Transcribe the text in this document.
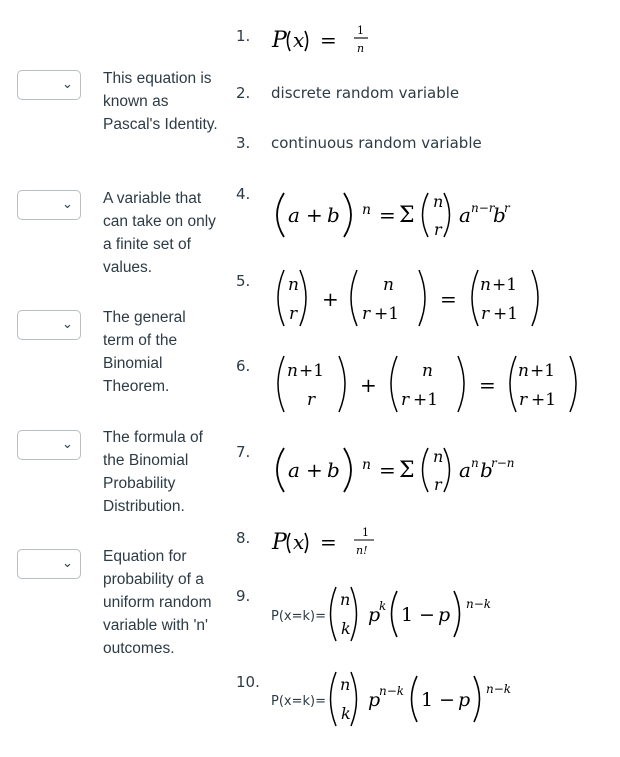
⌄ This equation is known as Pascal's Identity.
⌄ A variable that can take on only a finite set of values.
⌄ The general term of the Binomial Theorem.
⌄ The formula of the Binomial Probability Distribution.
⌄ Equation for probability of a uniform random variable with 'n' outcomes.
1. P x = 1
n
2. discrete random variable
3. continuous random variable
4.
a + b n = Σ
n
r
a n−r
b
r
5. n
r
+
n
r +1
=
n +1
r +1
6. n +1
r
+
n
r +1
=
n +1
r +1
7.
a + b n = Σ
n
r
a n b
r−n
8. P x = 1
n!
9.
P(x=k)=
n
k
p
k 1 − p n−k
10.
P(x=k)=
n
k
p
n−k 1 − p n−k
